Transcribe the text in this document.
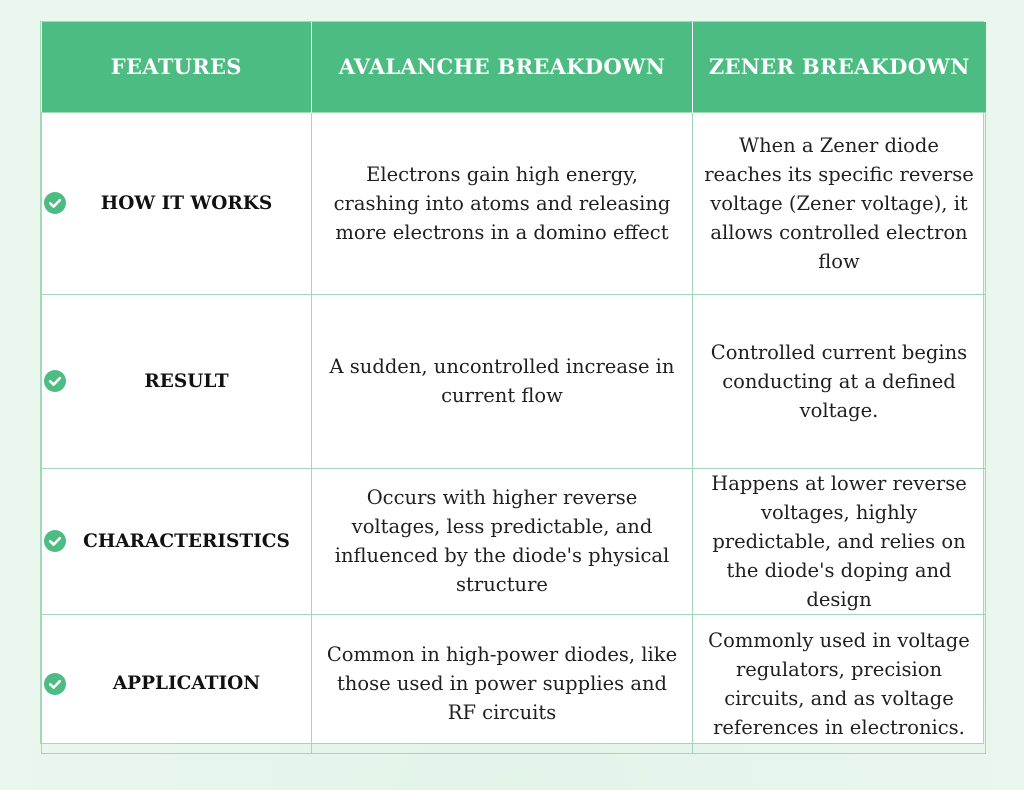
FEATURES	AVALANCHE BREAKDOWN	ZENER BREAKDOWN

HOW IT WORKS	Electrons gain high energy, crashing into atoms and releasing more electrons in a domino effect	When a Zener diode reaches its specific reverse voltage (Zener voltage), it allows controlled electron flow

RESULT	A sudden, uncontrolled increase in current flow	Controlled current begins conducting at a defined voltage.

CHARACTERISTICS	Occurs with higher reverse voltages, less predictable, and influenced by the diode's physical structure	Happens at lower reverse voltages, highly predictable, and relies on the diode's doping and design

APPLICATION	Common in high-power diodes, like those used in power supplies and RF circuits	Commonly used in voltage regulators, precision circuits, and as voltage references in electronics.
